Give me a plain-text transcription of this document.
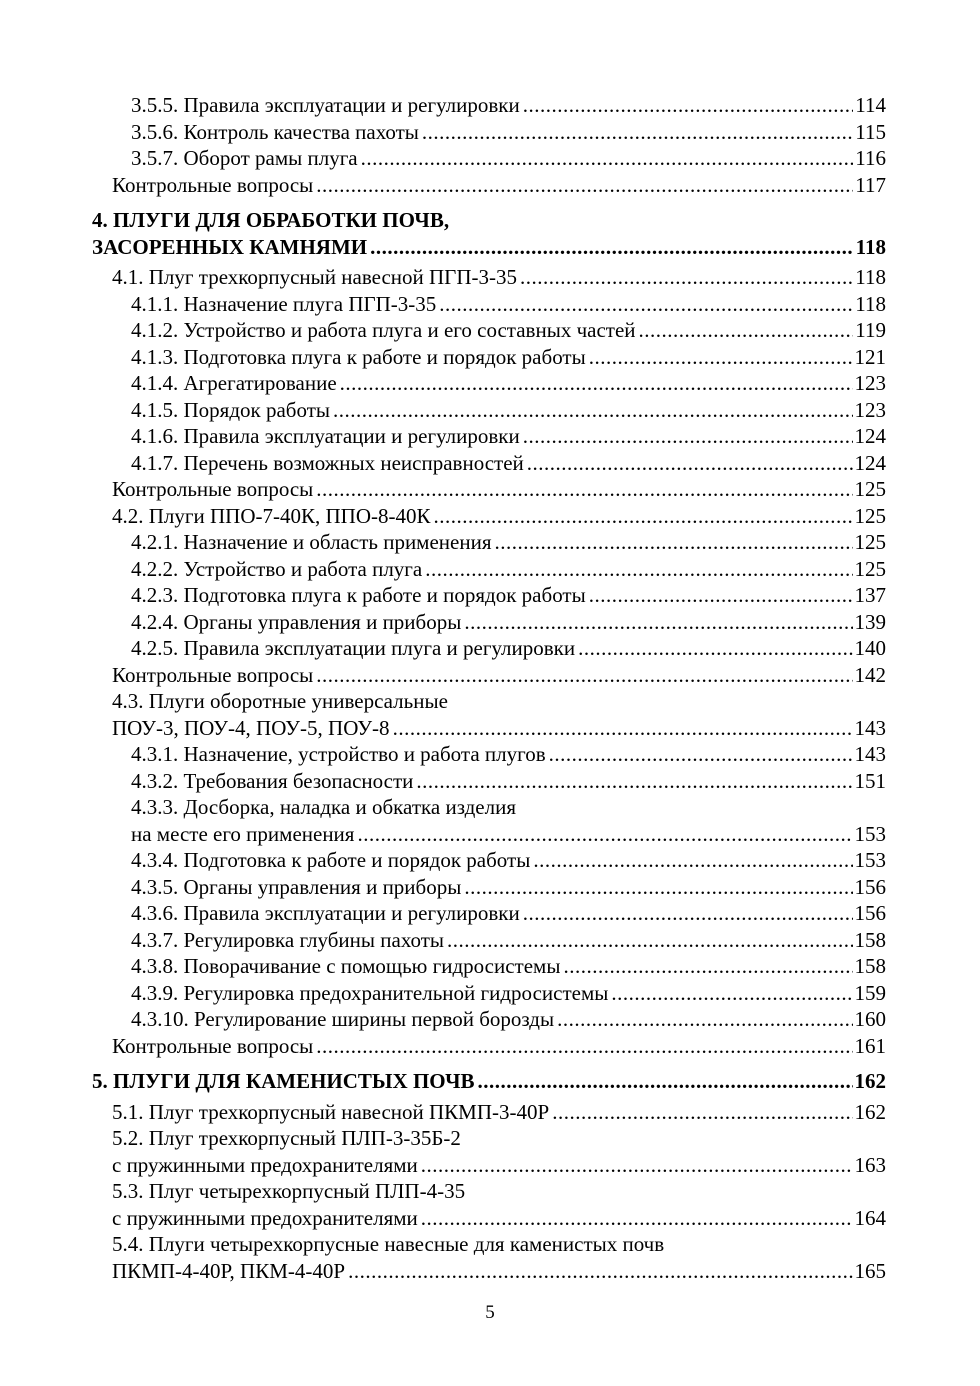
3.5.5. Правила эксплуатации и регулировки .....	114
3.5.6. Контроль качества пахоты .....	115
3.5.7. Оборот рамы плуга .....	116
Контрольные вопросы .....	117
4. ПЛУГИ ДЛЯ ОБРАБОТКИ ПОЧВ,
ЗАСОРЕННЫХ КАМНЯМИ .....	118
4.1. Плуг трехкорпусный навесной ПГП-3-35 .....	118
4.1.1. Назначение плуга ПГП-3-35 .....	118
4.1.2. Устройство и работа плуга и его составных частей .....	119
4.1.3. Подготовка плуга к работе и порядок работы .....	121
4.1.4. Агрегатирование .....	123
4.1.5. Порядок работы .....	123
4.1.6. Правила эксплуатации и регулировки .....	124
4.1.7. Перечень возможных неисправностей .....	124
Контрольные вопросы .....	125
4.2. Плуги ППО-7-40К, ППО-8-40К .....	125
4.2.1. Назначение и область применения .....	125
4.2.2. Устройство и работа плуга .....	125
4.2.3. Подготовка плуга к работе и порядок работы .....	137
4.2.4. Органы управления и приборы .....	139
4.2.5. Правила эксплуатации плуга и регулировки .....	140
Контрольные вопросы .....	142
4.3. Плуги оборотные универсальные
ПОУ-3, ПОУ-4, ПОУ-5, ПОУ-8 .....	143
4.3.1. Назначение, устройство и работа плугов .....	143
4.3.2. Требования безопасности .....	151
4.3.3. Досборка, наладка и обкатка изделия
на месте его применения .....	153
4.3.4. Подготовка к работе и порядок работы .....	153
4.3.5. Органы управления и приборы .....	156
4.3.6. Правила эксплуатации и регулировки .....	156
4.3.7. Регулировка глубины пахоты .....	158
4.3.8. Поворачивание с помощью гидросистемы .....	158
4.3.9. Регулировка предохранительной гидросистемы .....	159
4.3.10. Регулирование ширины первой борозды .....	160
Контрольные вопросы .....	161
5. ПЛУГИ ДЛЯ КАМЕНИСТЫХ ПОЧВ .....	162
5.1. Плуг трехкорпусный навесной ПКМП-3-40Р .....	162
5.2. Плуг трехкорпусный ПЛП-3-35Б-2
с пружинными предохранителями .....	163
5.3. Плуг четырехкорпусный ПЛП-4-35
с пружинными предохранителями .....	164
5.4. Плуги четырехкорпусные навесные для каменистых почв
ПКМП-4-40Р, ПКМ-4-40Р .....	165
5
